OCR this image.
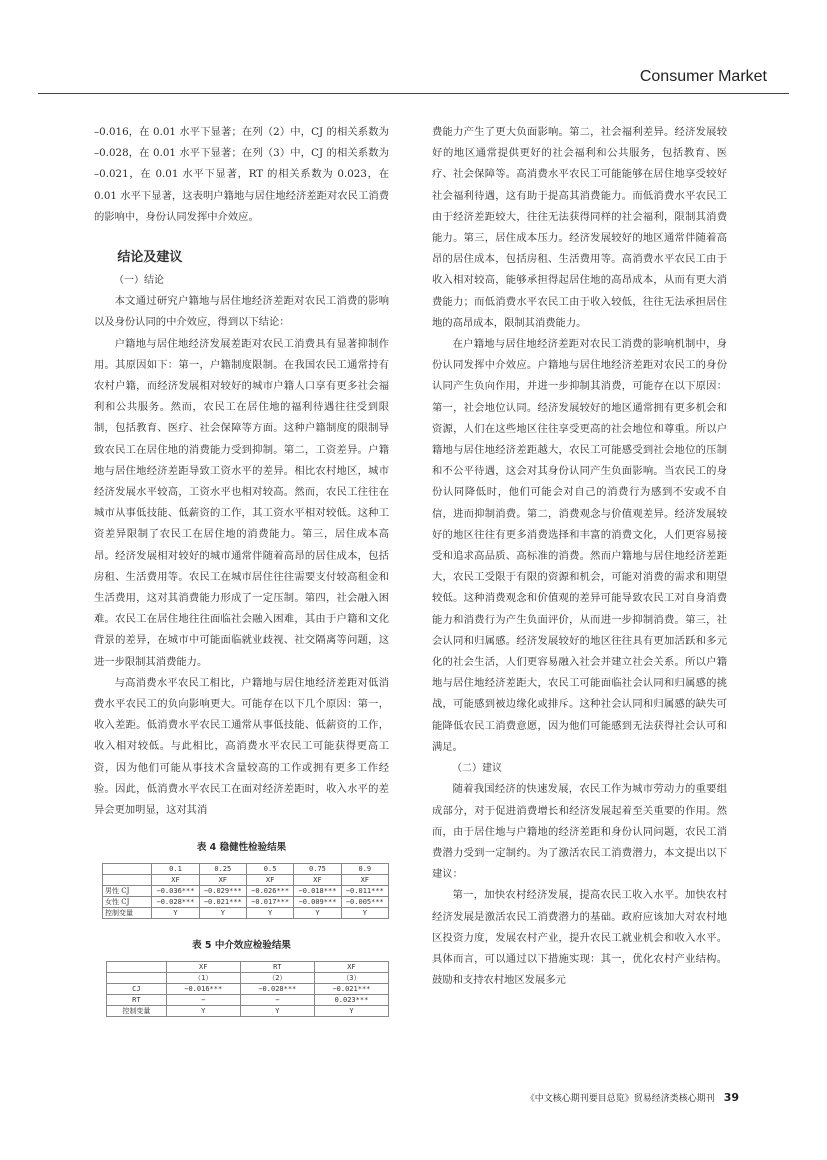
Consumer Market

–0.016，在 0.01 水平下显著；在列（2）中，CJ 的相关系数为 –0.028，在 0.01 水平下显著；在列（3）中，CJ 的相关系数为 –0.021，在 0.01 水平下显著，RT 的相关系数为 0.023，在 0.01 水平下显著，这表明户籍地与居住地经济差距对农民工消费的影响中，身份认同发挥中介效应。

结论及建议
（一）结论

本文通过研究户籍地与居住地经济差距对农民工消费的影响以及身份认同的中介效应，得到以下结论：

户籍地与居住地经济发展差距对农民工消费具有显著抑制作用。其原因如下：第一，户籍制度限制。在我国农民工通常持有农村户籍，而经济发展相对较好的城市户籍人口享有更多社会福利和公共服务。然而，农民工在居住地的福利待遇往往受到限制，包括教育、医疗、社会保障等方面。这种户籍制度的限制导致农民工在居住地的消费能力受到抑制。第二，工资差异。户籍地与居住地经济差距导致工资水平的差异。相比农村地区，城市经济发展水平较高，工资水平也相对较高。然而，农民工往往在城市从事低技能、低薪资的工作，其工资水平相对较低。这种工资差异限制了农民工在居住地的消费能力。第三，居住成本高昂。经济发展相对较好的城市通常伴随着高昂的居住成本，包括房租、生活费用等。农民工在城市居住往往需要支付较高租金和生活费用，这对其消费能力形成了一定压制。第四，社会融入困难。农民工在居住地往往面临社会融入困难，其由于户籍和文化背景的差异，在城市中可能面临就业歧视、社交隔离等问题，这进一步限制其消费能力。

与高消费水平农民工相比，户籍地与居住地经济差距对低消费水平农民工的负向影响更大。可能存在以下几个原因：第一，收入差距。低消费水平农民工通常从事低技能、低薪资的工作，收入相对较低。与此相比，高消费水平农民工可能获得更高工资，因为他们可能从事技术含量较高的工作或拥有更多工作经验。因此，低消费水平农民工在面对经济差距时，收入水平的差异会更加明显，这对其消

表 4 稳健性检验结果
	0.1	0.25	0.5	0.75	0.9
	XF	XF	XF	XF	XF
男性 CJ	−0.036***	−0.029***	−0.026***	−0.018***	−0.011***
女性 CJ	−0.028***	−0.021***	−0.017***	−0.009***	−0.005***
控制变量	Y	Y	Y	Y	Y
表 5 中介效应检验结果
	XF	RT	XF
	（1）	（2）	（3）
CJ	−0.016***	−0.028***	−0.021***
RT	−	−	0.023***
控制变量	Y	Y	Y

费能力产生了更大负面影响。第二，社会福利差异。经济发展较好的地区通常提供更好的社会福利和公共服务，包括教育、医疗、社会保障等。高消费水平农民工可能能够在居住地享受较好社会福利待遇，这有助于提高其消费能力。而低消费水平农民工由于经济差距较大，往往无法获得同样的社会福利，限制其消费能力。第三，居住成本压力。经济发展较好的地区通常伴随着高昂的居住成本，包括房租、生活费用等。高消费水平农民工由于收入相对较高，能够承担得起居住地的高昂成本，从而有更大消费能力；而低消费水平农民工由于收入较低，往往无法承担居住地的高昂成本，限制其消费能力。

在户籍地与居住地经济差距对农民工消费的影响机制中，身份认同发挥中介效应。户籍地与居住地经济差距对农民工的身份认同产生负向作用，并进一步抑制其消费，可能存在以下原因：第一，社会地位认同。经济发展较好的地区通常拥有更多机会和资源，人们在这些地区往往享受更高的社会地位和尊重。所以户籍地与居住地经济差距越大，农民工可能感受到社会地位的压制和不公平待遇，这会对其身份认同产生负面影响。当农民工的身份认同降低时，他们可能会对自己的消费行为感到不安或不自信，进而抑制消费。第二，消费观念与价值观差异。经济发展较好的地区往往有更多消费选择和丰富的消费文化，人们更容易接受和追求高品质、高标准的消费。然而户籍地与居住地经济差距大，农民工受限于有限的资源和机会，可能对消费的需求和期望较低。这种消费观念和价值观的差异可能导致农民工对自身消费能力和消费行为产生负面评价，从而进一步抑制消费。第三，社会认同和归属感。经济发展较好的地区往往具有更加活跃和多元化的社会生活，人们更容易融入社会并建立社会关系。所以户籍地与居住地经济差距大，农民工可能面临社会认同和归属感的挑战，可能感到被边缘化或排斥。这种社会认同和归属感的缺失可能降低农民工消费意愿，因为他们可能感到无法获得社会认可和满足。

（二）建议

随着我国经济的快速发展，农民工作为城市劳动力的重要组成部分，对于促进消费增长和经济发展起着至关重要的作用。然而，由于居住地与户籍地的经济差距和身份认同问题，农民工消费潜力受到一定制约。为了激活农民工消费潜力，本文提出以下建议：

第一，加快农村经济发展，提高农民工收入水平。加快农村经济发展是激活农民工消费潜力的基础。政府应该加大对农村地区投资力度，发展农村产业，提升农民工就业机会和收入水平。具体而言，可以通过以下措施实现：其一，优化农村产业结构。鼓励和支持农村地区发展多元

《中文核心期刊要目总览》贸易经济类核心期刊 39
